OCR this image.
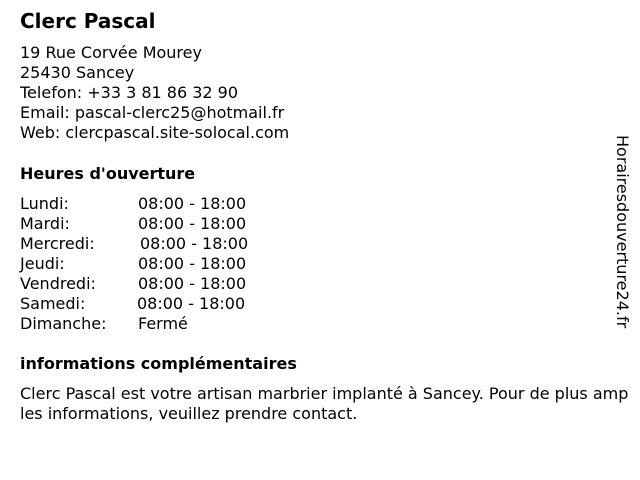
Clerc Pascal
19 Rue Corvée Mourey
25430 Sancey
Telefon: +33 3 81 86 32 90
Email: pascal-clerc25@hotmail.fr
Web: clercpascal.site-solocal.com
Heures d'ouverture
Lundi:	08:00 - 18:00
Mardi:	08:00 - 18:00
Mercredi:	08:00 - 18:00
Jeudi:	08:00 - 18:00
Vendredi:	08:00 - 18:00
Samedi:	08:00 - 18:00
Dimanche:	Fermé
informations complémentaires
Clerc Pascal est votre artisan marbrier implanté à Sancey. Pour de plus amples informations, veuillez prendre contact.
Horairesdouverture24.fr
